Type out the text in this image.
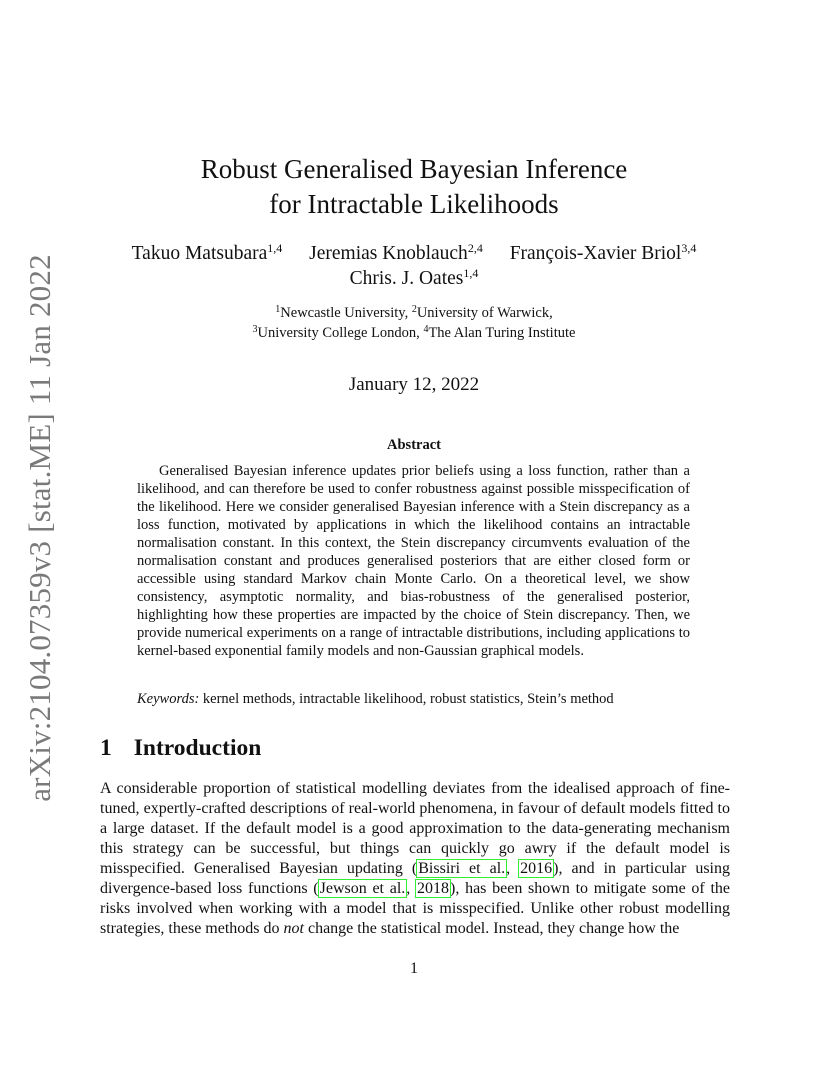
arXiv:2104.07359v3 [stat.ME] 11 Jan 2022
Robust Generalised Bayesian Inference
for Intractable Likelihoods
Takuo Matsubara$^{1,4}$ Jeremias Knoblauch$^{2,4}$ François-Xavier Briol$^{3,4}$
Chris. J. Oates$^{1,4}$
$^1$Newcastle University, $^2$University of Warwick,
$^3$University College London, $^4$The Alan Turing Institute
January 12, 2022
Abstract

Generalised Bayesian inference updates prior beliefs using a loss function, rather than a likelihood, and can therefore be used to confer robustness against possible misspecification of the likelihood. Here we consider generalised Bayesian inference with a Stein discrepancy as a loss function, motivated by applications in which the likelihood contains an intractable normalisation constant. In this context, the Stein discrepancy circumvents evaluation of the normalisation constant and produces generalised posteriors that are either closed form or accessible using standard Markov chain Monte Carlo. On a theoretical level, we show consistency, asymptotic normality, and bias-robustness of the generalised posterior, highlighting how these properties are impacted by the choice of Stein discrepancy. Then, we provide numerical experiments on a range of intractable distributions, including applications to kernel-based exponential family models and non-Gaussian graphical models.

Keywords: kernel methods, intractable likelihood, robust statistics, Stein’s method
1 Introduction

A considerable proportion of statistical modelling deviates from the idealised approach of fine-tuned, expertly-crafted descriptions of real-world phenomena, in favour of default models fitted to a large dataset. If the default model is a good approximation to the data-generating mechanism this strategy can be successful, but things can quickly go awry if the default model is misspecified. Generalised Bayesian updating (Bissiri et al., 2016), and in particular using divergence-based loss functions (Jewson et al., 2018), has been shown to mitigate some of the risks involved when working with a model that is misspecified. Unlike other robust modelling strategies, these methods do not change the statistical model. Instead, they change how the

1
